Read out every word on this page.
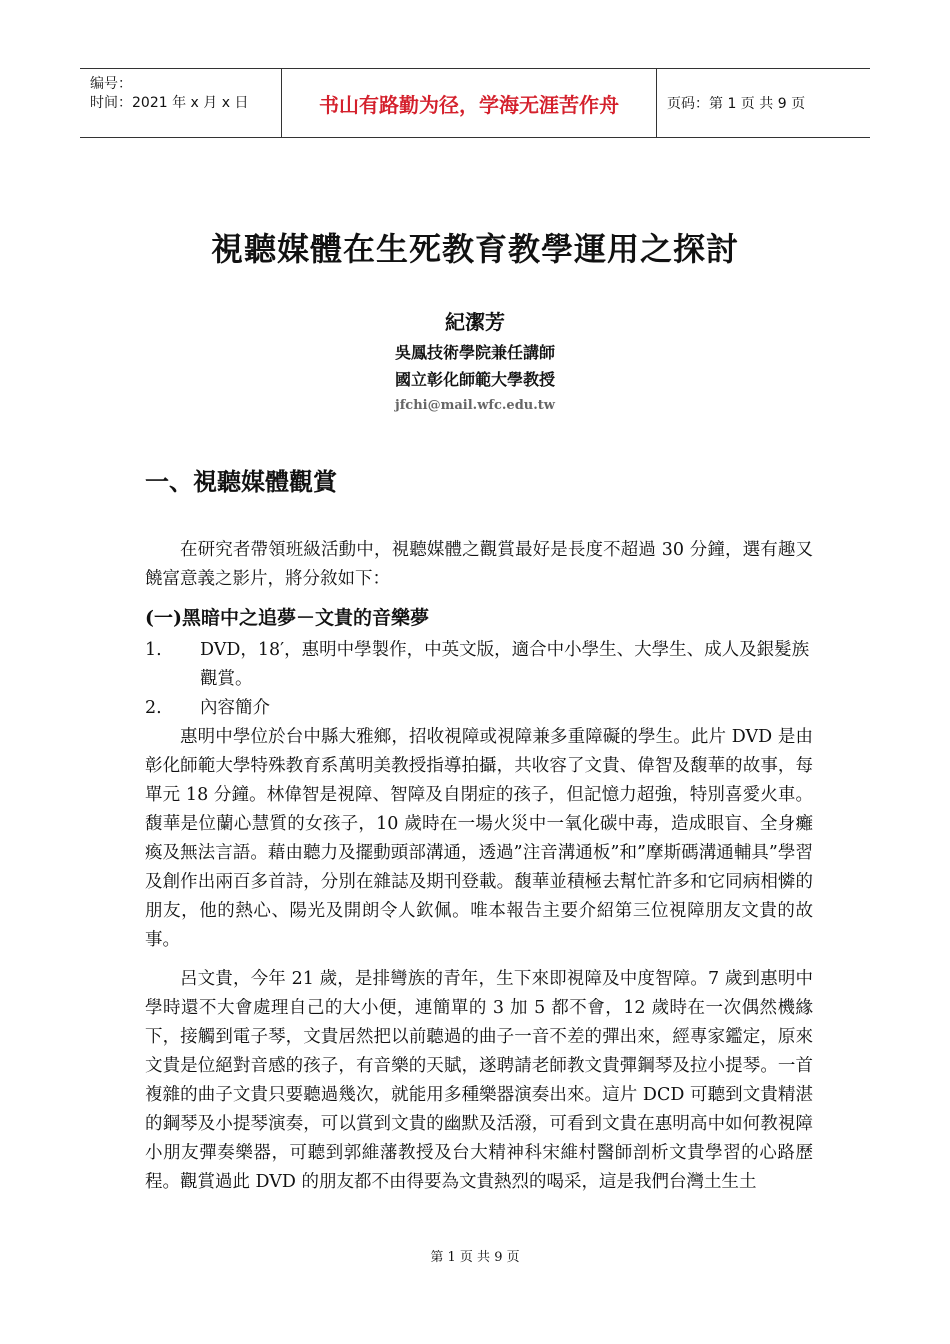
编号：
时间：2021 年 x 月 x 日	书山有路勤为径，学海无涯苦作舟	页码：第 1 页 共 9 页
視聽媒體在生死教育教學運用之探討
紀潔芳
吳鳳技術學院兼任講師
國立彰化師範大學教授
jfchi@mail.wfc.edu.tw
一、視聽媒體觀賞

在研究者帶領班級活動中，視聽媒體之觀賞最好是長度不超過 30 分鐘，選有趣又饒富意義之影片，將分敘如下：

(一)黑暗中之追夢－文貴的音樂夢
1. DVD，18′，惠明中學製作，中英文版，適合中小學生、大學生、成人及銀髮族觀賞。
2. 內容簡介

惠明中學位於台中縣大雅鄉，招收視障或視障兼多重障礙的學生。此片 DVD 是由彰化師範大學特殊教育系萬明美教授指導拍攝，共收容了文貴、偉智及馥華的故事，每單元 18 分鐘。林偉智是視障、智障及自閉症的孩子，但記憶力超強，特別喜愛火車。馥華是位蘭心慧質的女孩子，10 歲時在一場火災中一氧化碳中毒，造成眼盲、全身癱瘓及無法言語。藉由聽力及擺動頭部溝通，透過”注音溝通板”和”摩斯碼溝通輔具”學習及創作出兩百多首詩，分別在雜誌及期刊登載。馥華並積極去幫忙許多和它同病相憐的朋友，他的熱心、陽光及開朗令人欽佩。唯本報告主要介紹第三位視障朋友文貴的故事。

呂文貴，今年 21 歲，是排彎族的青年，生下來即視障及中度智障。7 歲到惠明中學時還不大會處理自己的大小便，連簡單的 3 加 5 都不會，12 歲時在一次偶然機緣下，接觸到電子琴，文貴居然把以前聽過的曲子一音不差的彈出來，經專家鑑定，原來文貴是位絕對音感的孩子，有音樂的天賦，遂聘請老師教文貴彈鋼琴及拉小提琴。一首複雜的曲子文貴只要聽過幾次，就能用多種樂器演奏出來。這片 DCD 可聽到文貴精湛的鋼琴及小提琴演奏，可以賞到文貴的幽默及活潑，可看到文貴在惠明高中如何教視障小朋友彈奏樂器，可聽到郭維藩教授及台大精神科宋維村醫師剖析文貴學習的心路歷程。觀賞過此 DVD 的朋友都不由得要為文貴熱烈的喝采，這是我們台灣土生土

第 1 页 共 9 页
